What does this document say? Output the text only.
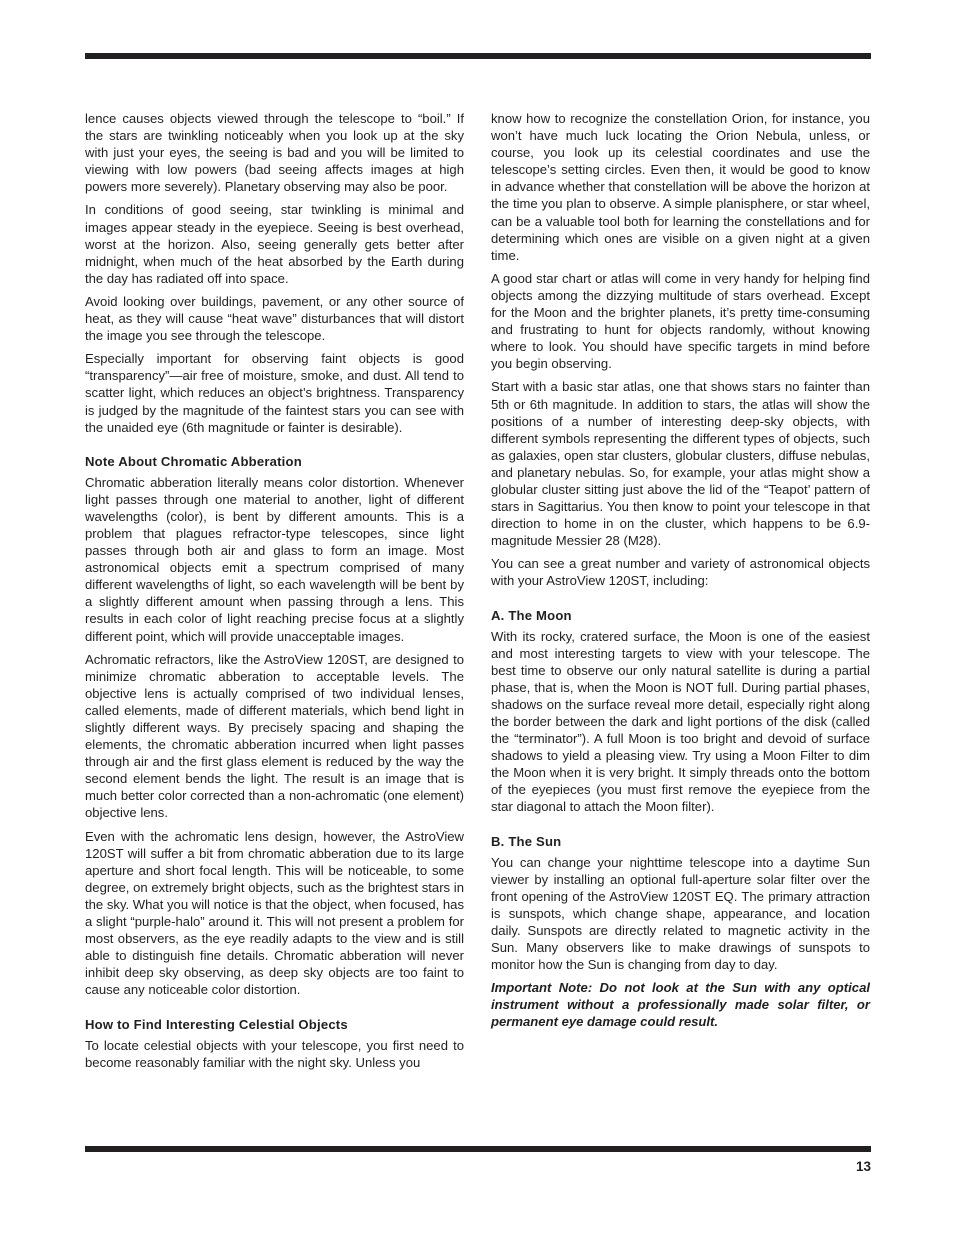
lence causes objects viewed through the telescope to “boil.” If the stars are twinkling noticeably when you look up at the sky with just your eyes, the seeing is bad and you will be limited to viewing with low powers (bad seeing affects images at high powers more severely). Planetary observing may also be poor.

In conditions of good seeing, star twinkling is minimal and images appear steady in the eyepiece. Seeing is best overhead, worst at the horizon. Also, seeing generally gets better after midnight, when much of the heat absorbed by the Earth during the day has radiated off into space.

Avoid looking over buildings, pavement, or any other source of heat, as they will cause “heat wave” disturbances that will distort the image you see through the telescope.

Especially important for observing faint objects is good “transparency”—air free of moisture, smoke, and dust. All tend to scatter light, which reduces an object’s brightness. Transparency is judged by the magnitude of the faintest stars you can see with the unaided eye (6th magnitude or fainter is desirable).

Note About Chromatic Abberation

Chromatic abberation literally means color distortion. Whenever light passes through one material to another, light of different wavelengths (color), is bent by different amounts. This is a problem that plagues refractor-type telescopes, since light passes through both air and glass to form an image. Most astronomical objects emit a spectrum comprised of many different wavelengths of light, so each wavelength will be bent by a slightly different amount when passing through a lens. This results in each color of light reaching precise focus at a slightly different point, which will provide unacceptable images.

Achromatic refractors, like the AstroView 120ST, are designed to minimize chromatic abberation to acceptable levels. The objective lens is actually comprised of two individual lenses, called elements, made of different materials, which bend light in slightly different ways. By precisely spacing and shaping the elements, the chromatic abberation incurred when light passes through air and the first glass element is reduced by the way the second element bends the light. The result is an image that is much better color corrected than a non-achromatic (one element) objective lens.

Even with the achromatic lens design, however, the AstroView 120ST will suffer a bit from chromatic abberation due to its large aperture and short focal length. This will be noticeable, to some degree, on extremely bright objects, such as the brightest stars in the sky. What you will notice is that the object, when focused, has a slight “purple-halo” around it. This will not present a problem for most observers, as the eye readily adapts to the view and is still able to distinguish fine details. Chromatic abberation will never inhibit deep sky observing, as deep sky objects are too faint to cause any noticeable color distortion.

How to Find Interesting Celestial Objects

To locate celestial objects with your telescope, you first need to become reasonably familiar with the night sky. Unless you

know how to recognize the constellation Orion, for instance, you won’t have much luck locating the Orion Nebula, unless, or course, you look up its celestial coordinates and use the telescope’s setting circles. Even then, it would be good to know in advance whether that constellation will be above the horizon at the time you plan to observe. A simple planisphere, or star wheel, can be a valuable tool both for learning the constellations and for determining which ones are visible on a given night at a given time.

A good star chart or atlas will come in very handy for helping find objects among the dizzying multitude of stars overhead. Except for the Moon and the brighter planets, it’s pretty time-consuming and frustrating to hunt for objects randomly, without knowing where to look. You should have specific targets in mind before you begin observing.

Start with a basic star atlas, one that shows stars no fainter than 5th or 6th magnitude. In addition to stars, the atlas will show the positions of a number of interesting deep-sky objects, with different symbols representing the different types of objects, such as galaxies, open star clusters, globular clusters, diffuse nebulas, and planetary nebulas. So, for example, your atlas might show a globular cluster sitting just above the lid of the “Teapot’ pattern of stars in Sagittarius. You then know to point your telescope in that direction to home in on the cluster, which happens to be 6.9-magnitude Messier 28 (M28).

You can see a great number and variety of astronomical objects with your AstroView 120ST, including:

A. The Moon

With its rocky, cratered surface, the Moon is one of the easiest and most interesting targets to view with your telescope. The best time to observe our only natural satellite is during a partial phase, that is, when the Moon is NOT full. During partial phases, shadows on the surface reveal more detail, especially right along the border between the dark and light portions of the disk (called the “terminator”). A full Moon is too bright and devoid of surface shadows to yield a pleasing view. Try using a Moon Filter to dim the Moon when it is very bright. It simply threads onto the bottom of the eyepieces (you must first remove the eyepiece from the star diagonal to attach the Moon filter).

B. The Sun

You can change your nighttime telescope into a daytime Sun viewer by installing an optional full-aperture solar filter over the front opening of the AstroView 120ST EQ. The primary attraction is sunspots, which change shape, appearance, and location daily. Sunspots are directly related to magnetic activity in the Sun. Many observers like to make drawings of sunspots to monitor how the Sun is changing from day to day.

Important Note: Do not look at the Sun with any optical instrument without a professionally made solar filter, or permanent eye damage could result.

13
